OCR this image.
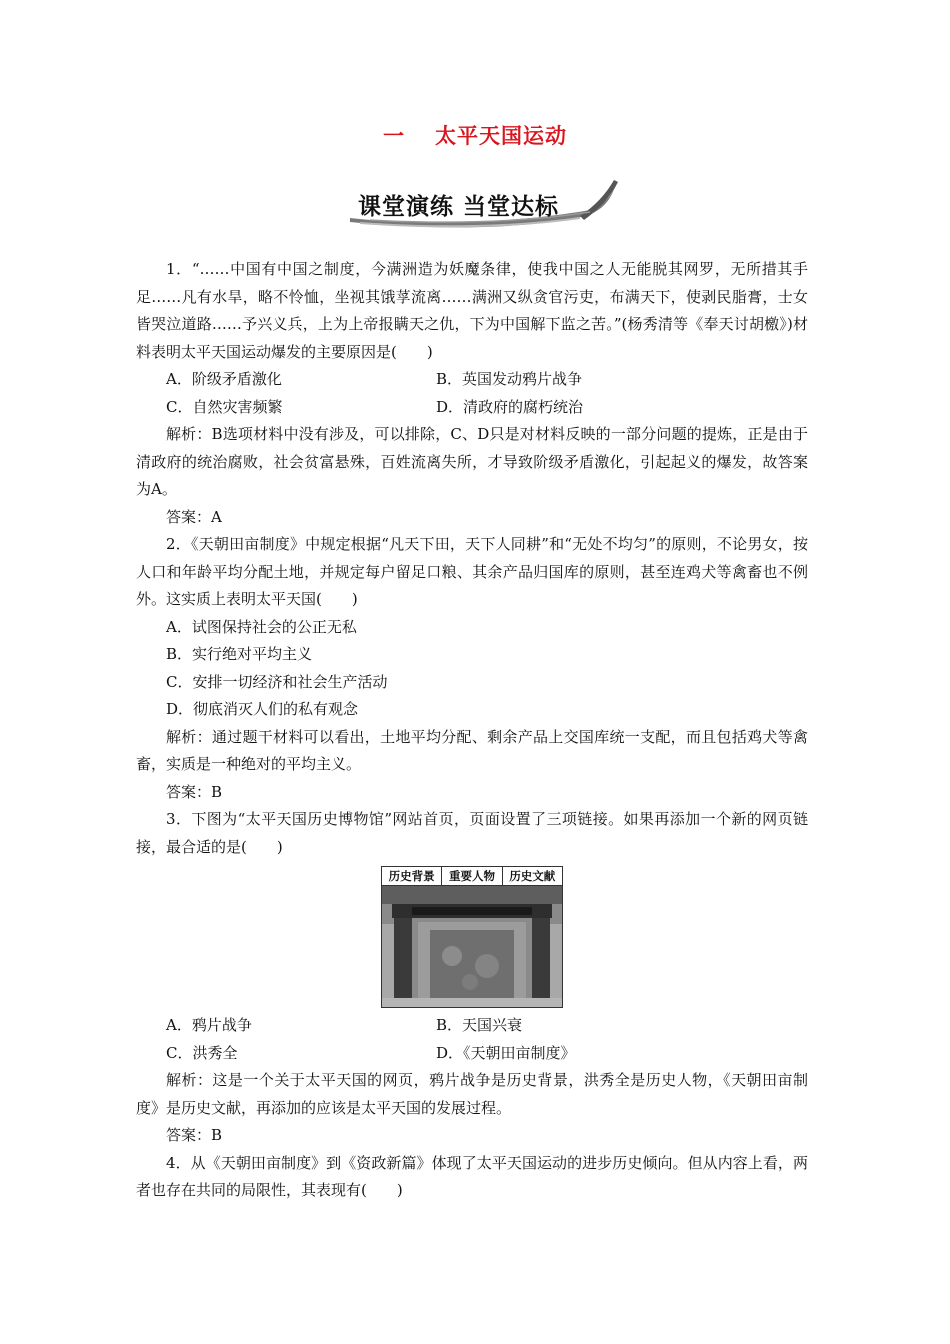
一 太平天国运动
课堂演练 当堂达标

1．“……中国有中国之制度，今满洲造为妖魔条律，使我中国之人无能脱其网罗，无所措其手足……凡有水旱，略不怜恤，坐视其饿莩流离……满洲又纵贪官污吏，布满天下，使剥民脂膏，士女皆哭泣道路……予兴义兵，上为上帝报瞒天之仇，下为中国解下监之苦。”(杨秀清等《奉天讨胡檄》)材料表明太平天国运动爆发的主要原因是(　　)

A．阶级矛盾激化	B．英国发动鸦片战争
C．自然灾害频繁	D．清政府的腐朽统治

解析：B选项材料中没有涉及，可以排除，C、D只是对材料反映的一部分问题的提炼，正是由于清政府的统治腐败，社会贫富悬殊，百姓流离失所，才导致阶级矛盾激化，引起起义的爆发，故答案为A。

答案：A

2．《天朝田亩制度》中规定根据“凡天下田，天下人同耕”和“无处不均匀”的原则，不论男女，按人口和年龄平均分配土地，并规定每户留足口粮、其余产品归国库的原则，甚至连鸡犬等禽畜也不例外。这实质上表明太平天国(　　)

A．试图保持社会的公正无私

B．实行绝对平均主义

C．安排一切经济和社会生产活动

D．彻底消灭人们的私有观念

解析：通过题干材料可以看出，土地平均分配、剩余产品上交国库统一支配，而且包括鸡犬等禽畜，实质是一种绝对的平均主义。

答案：B

3．下图为“太平天国历史博物馆”网站首页，页面设置了三项链接。如果再添加一个新的网页链接，最合适的是(　　)

历史背景	重要人物	历史文献
A．鸦片战争	B．天国兴衰
C．洪秀全	D．《天朝田亩制度》

解析：这是一个关于太平天国的网页，鸦片战争是历史背景，洪秀全是历史人物，《天朝田亩制度》是历史文献，再添加的应该是太平天国的发展过程。

答案：B

4．从《天朝田亩制度》到《资政新篇》体现了太平天国运动的进步历史倾向。但从内容上看，两者也存在共同的局限性，其表现有(　　)
